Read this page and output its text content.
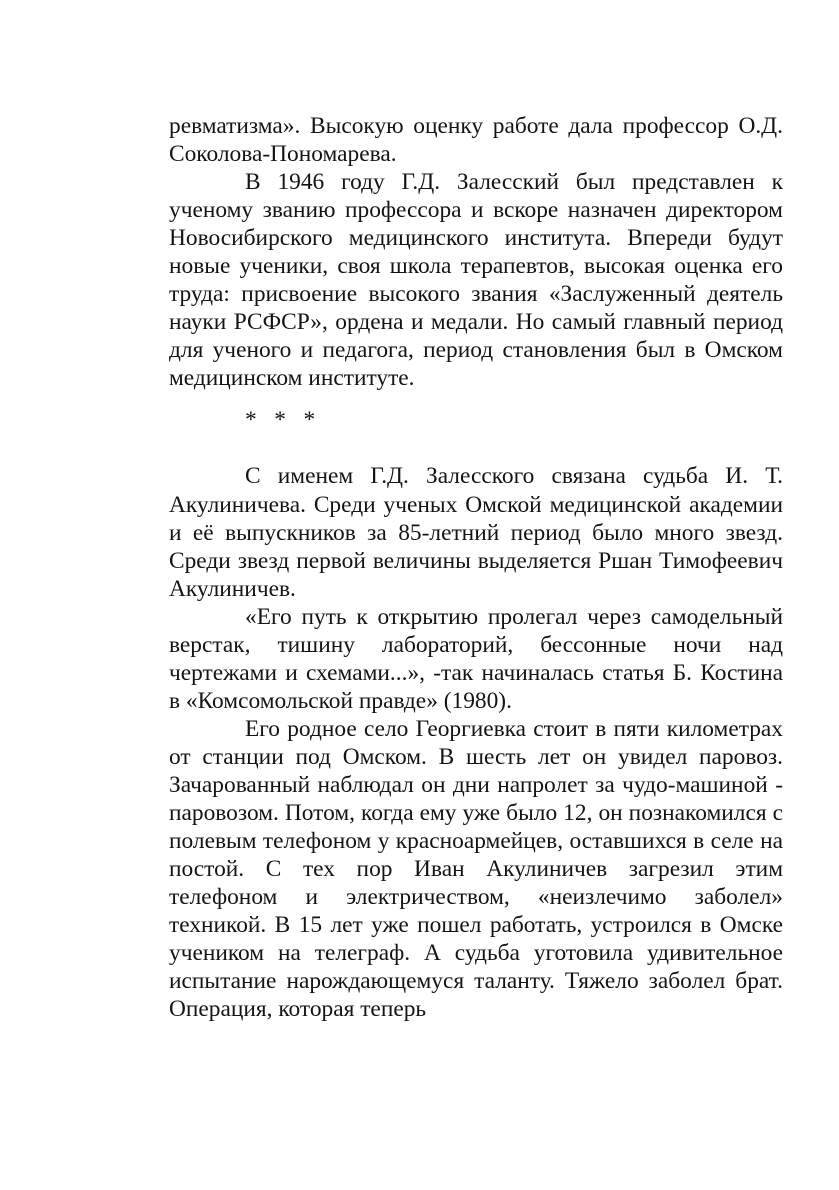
ревматизма». Высокую оценку работе дала профессор О.Д. Соколова-Пономарева.

В 1946 году Г.Д. Залесский был представлен к ученому званию профессора и вскоре назначен директором Новосибирского медицинского института. Впереди будут новые ученики, своя школа терапевтов, высокая оценка его труда: присвоение высокого звания «Заслуженный деятель науки РСФСР», ордена и медали. Но самый главный период для ученого и педагога, период становления был в Омском медицинском институте.

* * *

С именем Г.Д. Залесского связана судьба И. Т. Акулиничева. Среди ученых Омской медицинской академии и её выпускников за 85-летний период было много звезд. Среди звезд первой величины выделяется Ршан Тимофеевич Акулиничев.

«Его путь к открытию пролегал через самодельный верстак, тишину лабораторий, бессонные ночи над чертежами и схемами...», -так начиналась статья Б. Костина в «Комсомольской правде» (1980).

Его родное село Георгиевка стоит в пяти километрах от станции под Омском. В шесть лет он увидел паровоз. Зачарованный наблюдал он дни напролет за чудо-машиной - паровозом. Потом, когда ему уже было 12, он познакомился с полевым телефоном у красноармейцев, оставшихся в селе на постой. С тех пор Иван Акулиничев загрезил этим телефоном и электричеством, «неизлечимо заболел» техникой. В 15 лет уже пошел работать, устроился в Омске учеником на телеграф. А судьба уготовила удивительное испытание нарождающемуся таланту. Тяжело заболел брат. Операция, которая теперь
